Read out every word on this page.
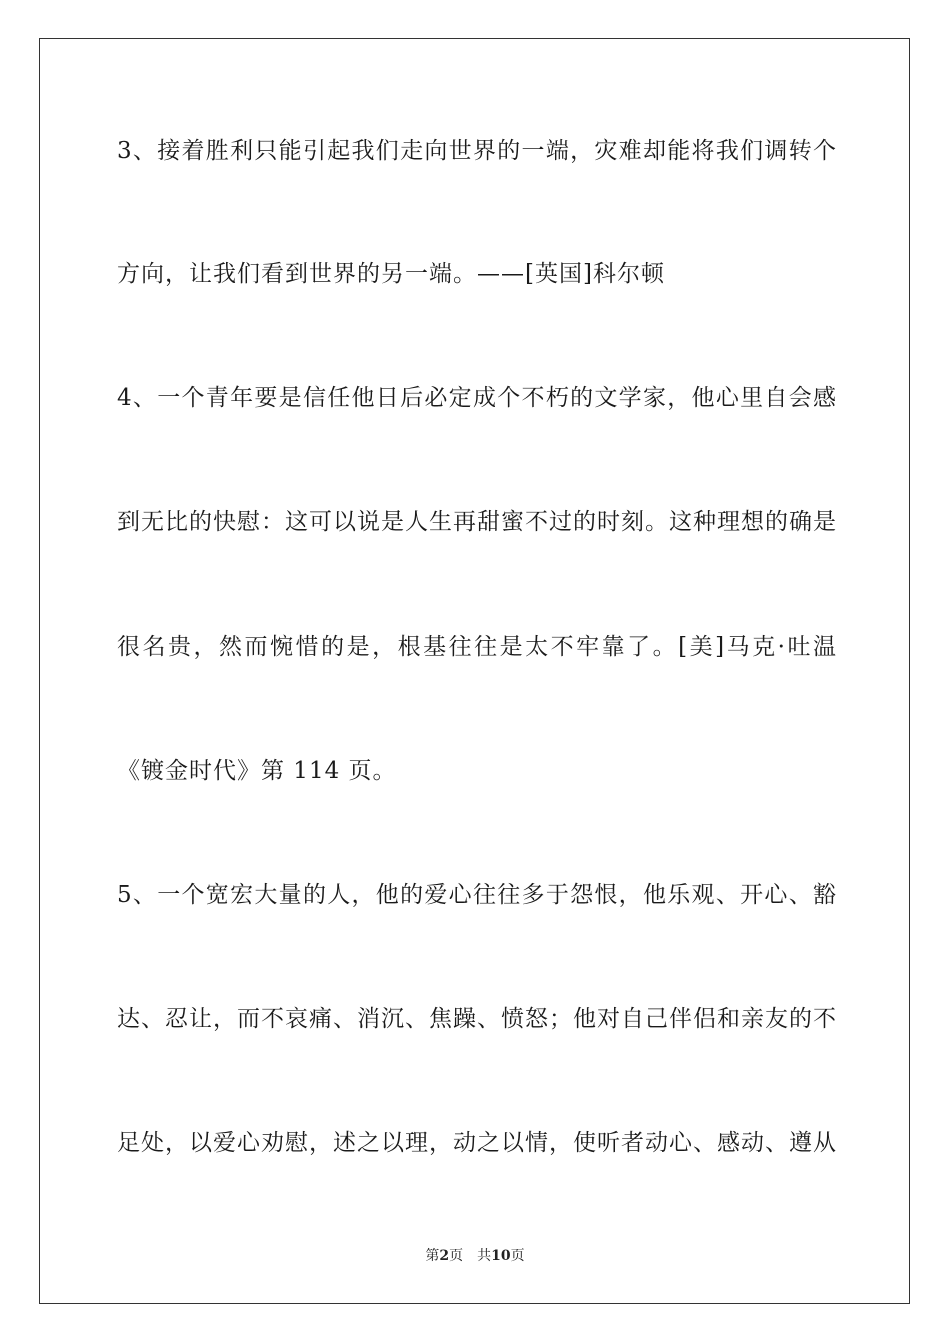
3、接着胜利只能引起我们走向世界的一端，灾难却能将我们调转个
方向，让我们看到世界的另一端。——[英国]科尔顿
4、一个青年要是信任他日后必定成个不朽的文学家，他心里自会感
到无比的快慰：这可以说是人生再甜蜜不过的时刻。这种理想的确是
很名贵，然而惋惜的是，根基往往是太不牢靠了。[美]马克·吐温
《镀金时代》第 114 页。
5、一个宽宏大量的人，他的爱心往往多于怨恨，他乐观、开心、豁
达、忍让，而不哀痛、消沉、焦躁、愤怒；他对自己伴侣和亲友的不
足处，以爱心劝慰，述之以理，动之以情，使听者动心、感动、遵从
第2页 共10页
